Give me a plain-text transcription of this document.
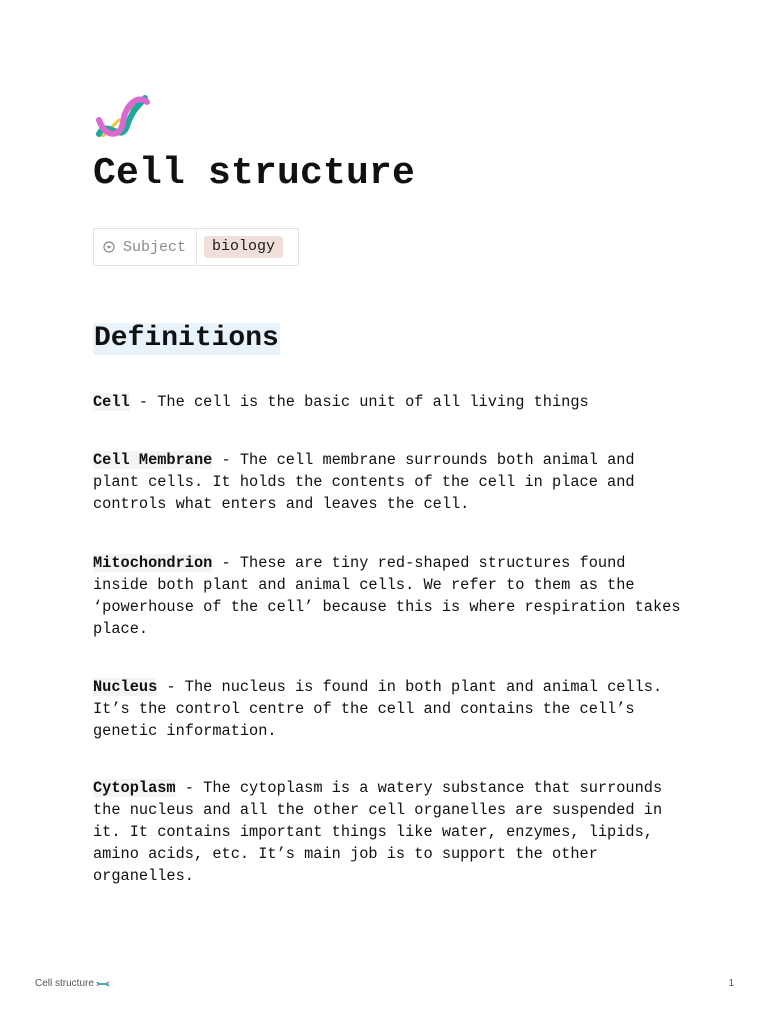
Cell structure
Subject	biology
Definitions

Cell - The cell is the basic unit of all living things

Cell Membrane - The cell membrane surrounds both animal and plant cells. It holds the contents of the cell in place and controls what enters and leaves the cell.

Mitochondrion - These are tiny red-shaped structures found inside both plant and animal cells. We refer to them as the ‘powerhouse of the cell’ because this is where respiration takes place.

Nucleus - The nucleus is found in both plant and animal cells. It’s the control centre of the cell and contains the cell’s genetic information.

Cytoplasm - The cytoplasm is a watery substance that surrounds the nucleus and all the other cell organelles are suspended in it. It contains important things like water, enzymes, lipids, amino acids, etc. It’s main job is to support the other organelles.

Cell structure	1
